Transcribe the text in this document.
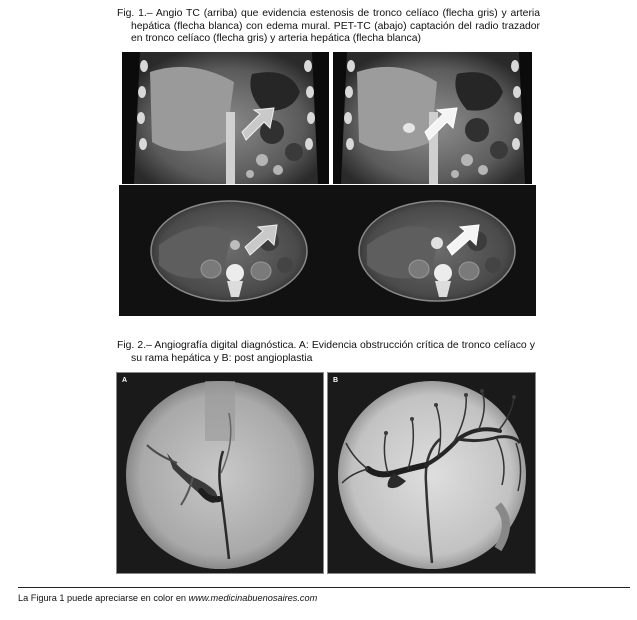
Fig. 1.– Angio TC (arriba) que evidencia estenosis de tronco celíaco (flecha gris) y arteria hepática (flecha blanca) con edema mural. PET-TC (abajo) captación del radio trazador en tronco celíaco (flecha gris) y arteria hepática (flecha blanca)
Fig. 2.– Angiografía digital diagnóstica. A: Evidencia obstrucción crítica de tronco celíaco y su rama hepática y B: post angioplastia
A	B
La Figura 1 puede apreciarse en color en www.medicinabuenosaires.com
